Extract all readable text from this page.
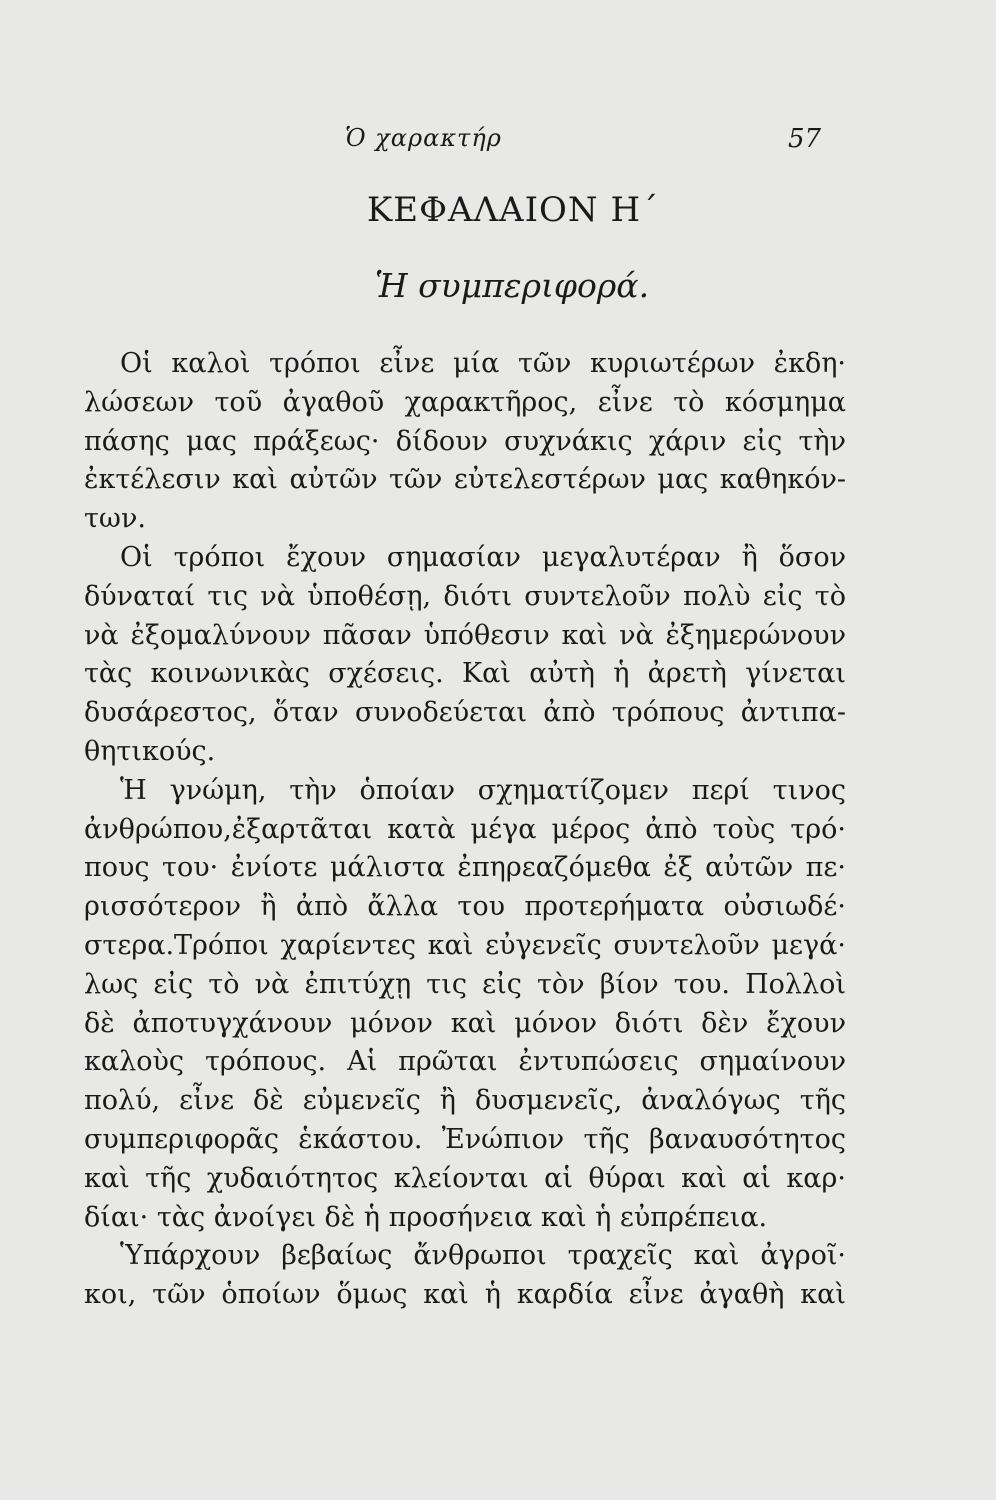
Ὁ χαρακτήρ	57
ΚΕΦΑΛΑΙΟΝ Η΄
Ἡ συμπεριφορά.
Οἱ καλοὶ τρόποι εἶνε μία τῶν κυριωτέρων ἐκδη·
λώσεων τοῦ ἀγαθοῦ χαρακτῆρος, εἶνε τὸ κόσμημα
πάσης μας πράξεως· δίδουν συχνάκις χάριν εἰς τὴν
ἐκτέλεσιν καὶ αὐτῶν τῶν εὐτελεστέρων μας καθηκόν-
των.
Οἱ τρόποι ἔχουν σημασίαν μεγαλυτέραν ἢ ὅσον
δύναταί τις νὰ ὑποθέσῃ, διότι συντελοῦν πολὺ εἰς τὸ
νὰ ἐξομαλύνουν πᾶσαν ὑπόθεσιν καὶ νὰ ἐξημερώνουν
τὰς κοινωνικὰς σχέσεις. Καὶ αὐτὴ ἡ ἀρετὴ γίνεται
δυσάρεστος, ὅταν συνοδεύεται ἀπὸ τρόπους ἀντιπα-
θητικούς.
Ἡ γνώμη, τὴν ὁποίαν σχηματίζομεν περί τινος
ἀνθρώπου,ἐξαρτᾶται κατὰ μέγα μέρος ἀπὸ τοὺς τρό·
πους του· ἐνίοτε μάλιστα ἐπηρεαζόμεθα ἐξ αὐτῶν πε·
ρισσότερον ἢ ἀπὸ ἄλλα του προτερήματα οὐσιωδέ·
στερα.Τρόποι χαρίεντες καὶ εὐγενεῖς συντελοῦν μεγά·
λως εἰς τὸ νὰ ἐπιτύχῃ τις εἰς τὸν βίον του. Πολλοὶ
δὲ ἀποτυγχάνουν μόνον καὶ μόνον διότι δὲν ἔχουν
καλοὺς τρόπους. Αἱ πρῶται ἐντυπώσεις σημαίνουν
πολύ, εἶνε δὲ εὐμενεῖς ἢ δυσμενεῖς, ἀναλόγως τῆς
συμπεριφορᾶς ἑκάστου. Ἐνώπιον τῆς βαναυσότητος
καὶ τῆς χυδαιότητος κλείονται αἱ θύραι καὶ αἱ καρ·
δίαι· τὰς ἀνοίγει δὲ ἡ προσήνεια καὶ ἡ εὐπρέπεια.
Ὑπάρχουν βεβαίως ἄνθρωποι τραχεῖς καὶ ἀγροῖ·
κοι, τῶν ὁποίων ὅμως καὶ ἡ καρδία εἶνε ἀγαθὴ καὶ
